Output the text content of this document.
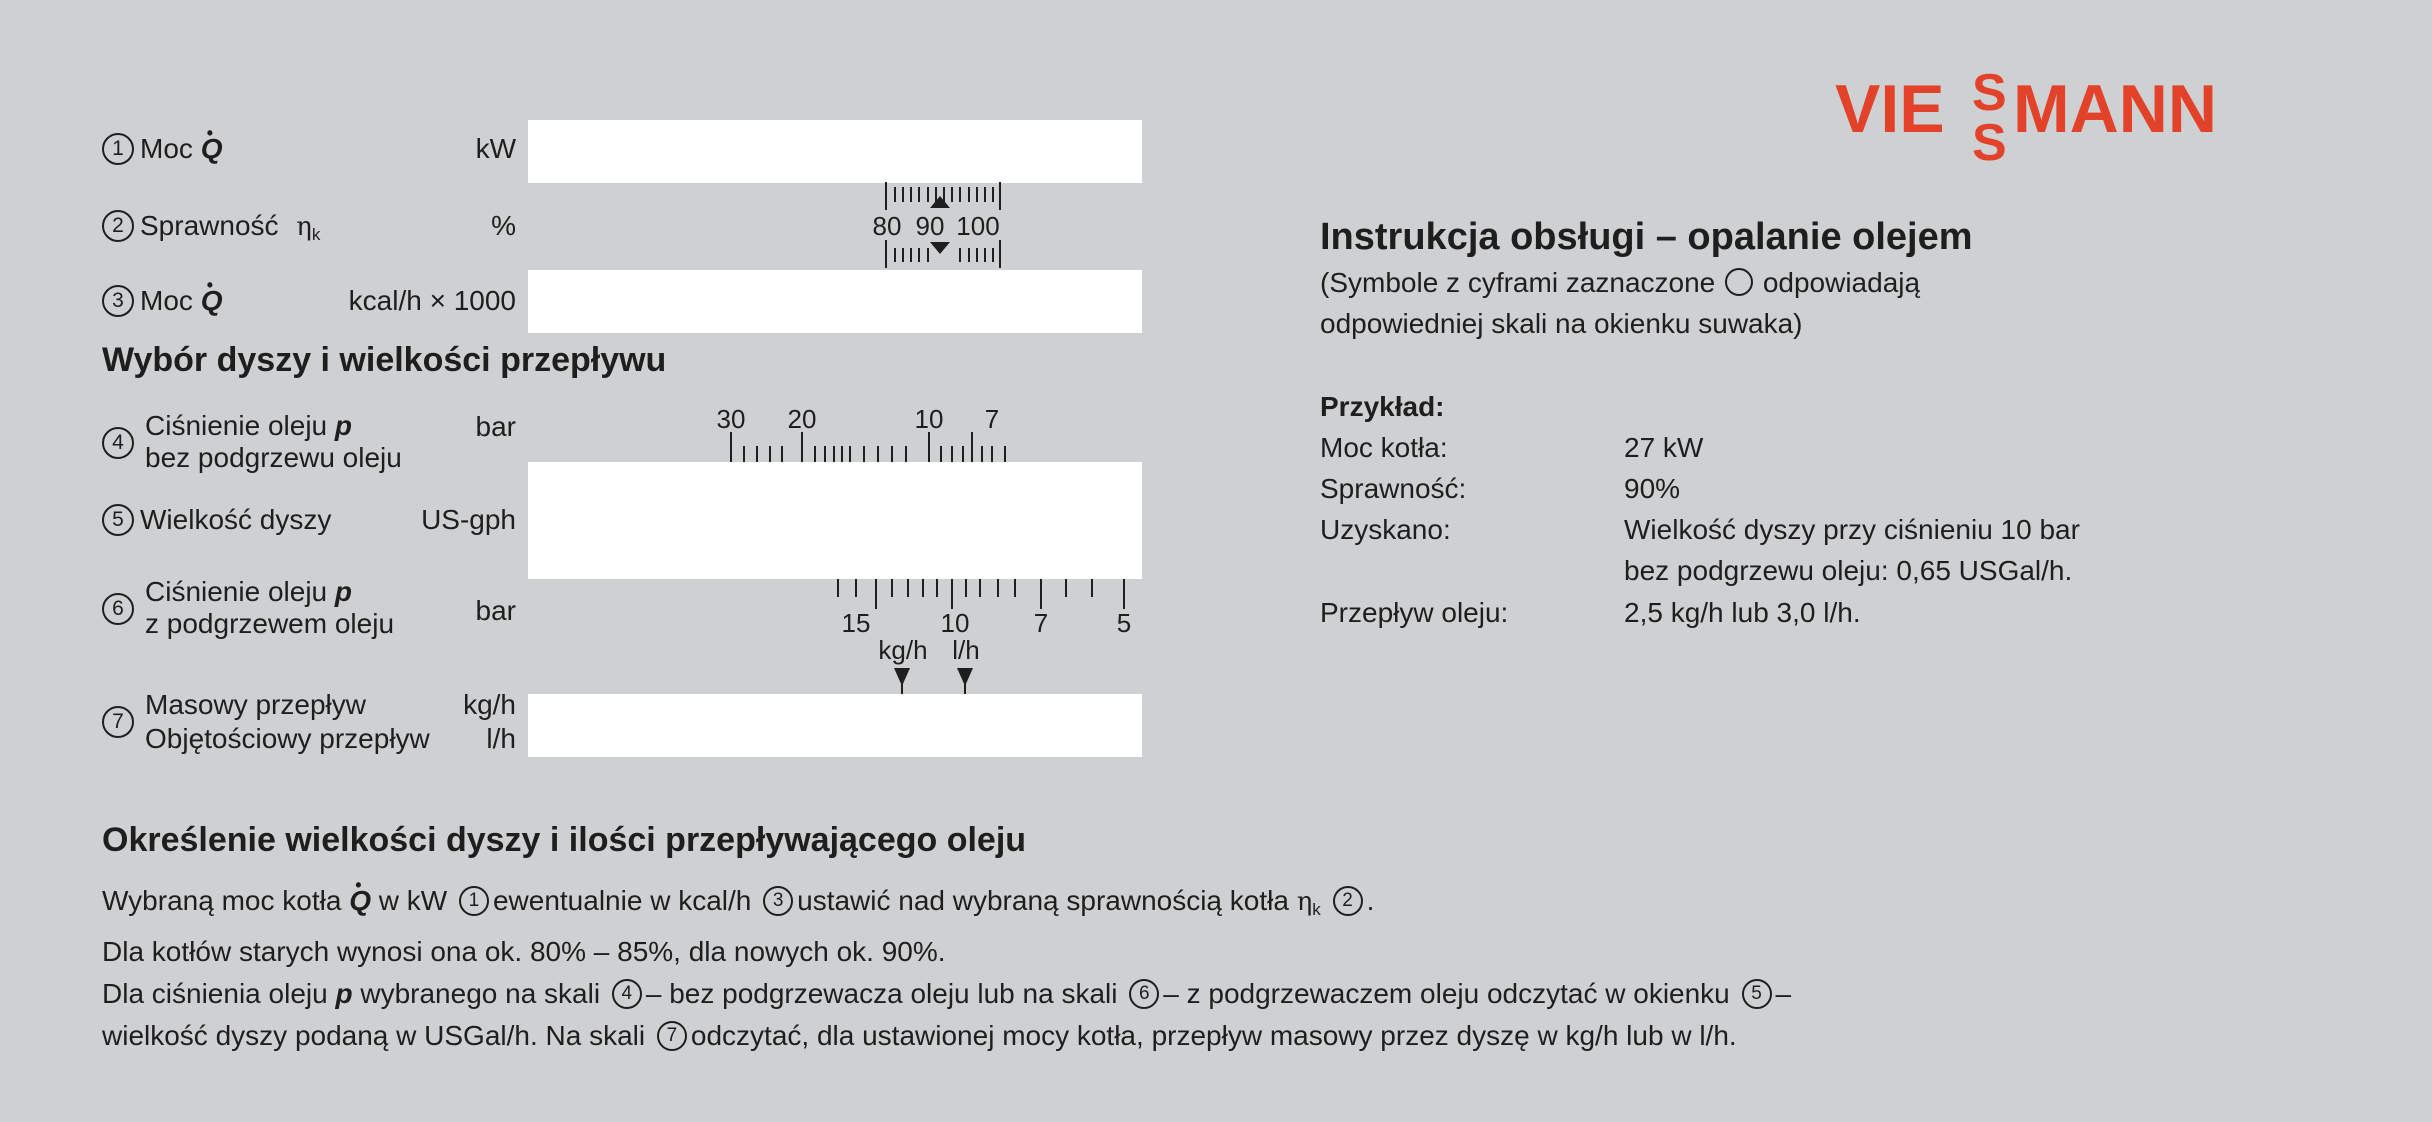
VIE S
S MANN
1 Moc • Q	kW
2 Sprawność $\eta_k$	%	80 90 100
3 Moc • Q	kcal/h × 1000
Wybór dyszy i wielkości przepływu
4
Ciśnienie oleju p
bez podgrzewu oleju
bar	30 20	10 7
5 Wielkość dyszy	US-gph
6
Ciśnienie oleju p
z podgrzewem oleju	bar	15	10 7	5
kg/h l/h
7
Masowy przepływ
Objętościowy przepływ
kg/h
l/h
Instrukcja obsługi – opalanie olejem
(Symbole z cyframi zaznaczone odpowiadają
odpowiedniej skali na okienku suwaka)
Przykład:
Moc kotła:	27 kW
Sprawność:	90%
Uzyskano:	Wielkość dyszy przy ciśnieniu 10 bar
bez podgrzewu oleju: 0,65 USGal/h.
Przepływ oleju:	2,5 kg/h lub 3,0 l/h.
Określenie wielkości dyszy i ilości przepływającego oleju
Wybraną moc kotła • Q w kW 1 ewentualnie w kcal/h 3 ustawić nad wybraną sprawnością kotła $\eta_k$ 2 .
Dla kotłów starych wynosi ona ok. 80% – 85%, dla nowych ok. 90%.
Dla ciśnienia oleju p wybranego na skali 4 – bez podgrzewacza oleju lub na skali 6 – z podgrzewaczem oleju odczytać w okienku 5 –
wielkość dyszy podaną w USGal/h. Na skali 7 odczytać, dla ustawionej mocy kotła, przepływ masowy przez dyszę w kg/h lub w l/h.
